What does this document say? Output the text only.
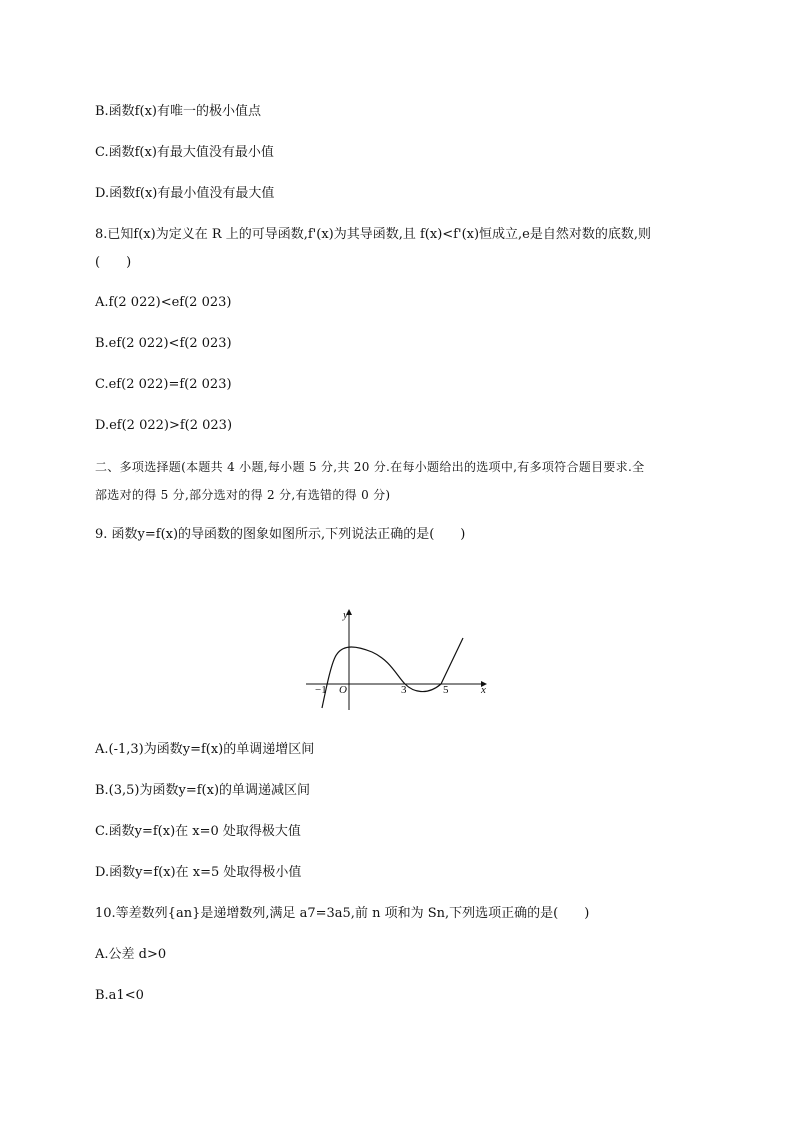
B.函数f(x)有唯一的极小值点
C.函数f(x)有最大值没有最小值
D.函数f(x)有最小值没有最大值
8.已知f(x)为定义在 R 上的可导函数,f'(x)为其导函数,且 f(x)<f'(x)恒成立,e是自然对数的底数,则
(　　)
A.f(2 022)<ef(2 023)
B.ef(2 022)<f(2 023)
C.ef(2 022)=f(2 023)
D.ef(2 022)>f(2 023)
二、多项选择题(本题共 4 小题,每小题 5 分,共 20 分.在每小题给出的选项中,有多项符合题目要求.全
部选对的得 5 分,部分选对的得 2 分,有选错的得 0 分)
9. 函数y=f(x)的导函数的图象如图所示,下列说法正确的是(　　)
y
x
O
−1	3	5
A.(-1,3)为函数y=f(x)的单调递增区间
B.(3,5)为函数y=f(x)的单调递减区间
C.函数y=f(x)在 x=0 处取得极大值
D.函数y=f(x)在 x=5 处取得极小值
10.等差数列{an}是递增数列,满足 a7=3a5,前 n 项和为 Sn,下列选项正确的是(　　)
A.公差 d>0
B.a1<0
